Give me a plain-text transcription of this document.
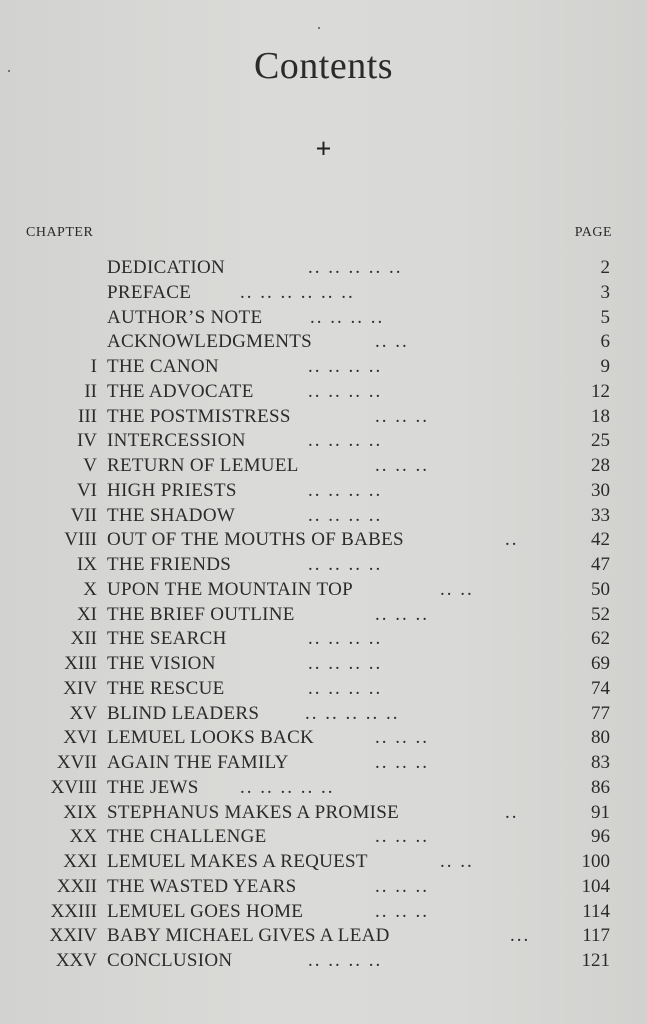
Contents
+
CHAPTER	PAGE
DEDICATION	.. .. .. .. ..	2
PREFACE	.. .. .. .. .. ..	3
AUTHOR’S NOTE	.. .. .. ..	5
ACKNOWLEDGMENTS	.. ..	6
I THE CANON	.. .. .. ..	9
II THE ADVOCATE	.. .. .. ..	12
III THE POSTMISTRESS	.. .. ..	18
IV INTERCESSION	.. .. .. ..	25
V RETURN OF LEMUEL	.. .. ..	28
VI HIGH PRIESTS	.. .. .. ..	30
VII THE SHADOW	.. .. .. ..	33
VIII OUT OF THE MOUTHS OF BABES	..	42
IX THE FRIENDS	.. .. .. ..	47
X UPON THE MOUNTAIN TOP	.. ..	50
XI THE BRIEF OUTLINE	.. .. ..	52
XII THE SEARCH	.. .. .. ..	62
XIII THE VISION	.. .. .. ..	69
XIV THE RESCUE	.. .. .. ..	74
XV BLIND LEADERS .. .. .. .. ..	77
XVI LEMUEL LOOKS BACK	.. .. ..	80
XVII AGAIN THE FAMILY	.. .. ..	83
XVIII THE JEWS .. .. .. .. ..	86
XIX STEPHANUS MAKES A PROMISE	..	91
XX THE CHALLENGE	.. .. ..	96
XXI LEMUEL MAKES A REQUEST	.. ..	100
XXII THE WASTED YEARS	.. .. ..	104
XXIII LEMUEL GOES HOME	.. .. ..	114
XXIV BABY MICHAEL GIVES A LEAD	...	117
XXV CONCLUSION	.. .. .. ..	121
